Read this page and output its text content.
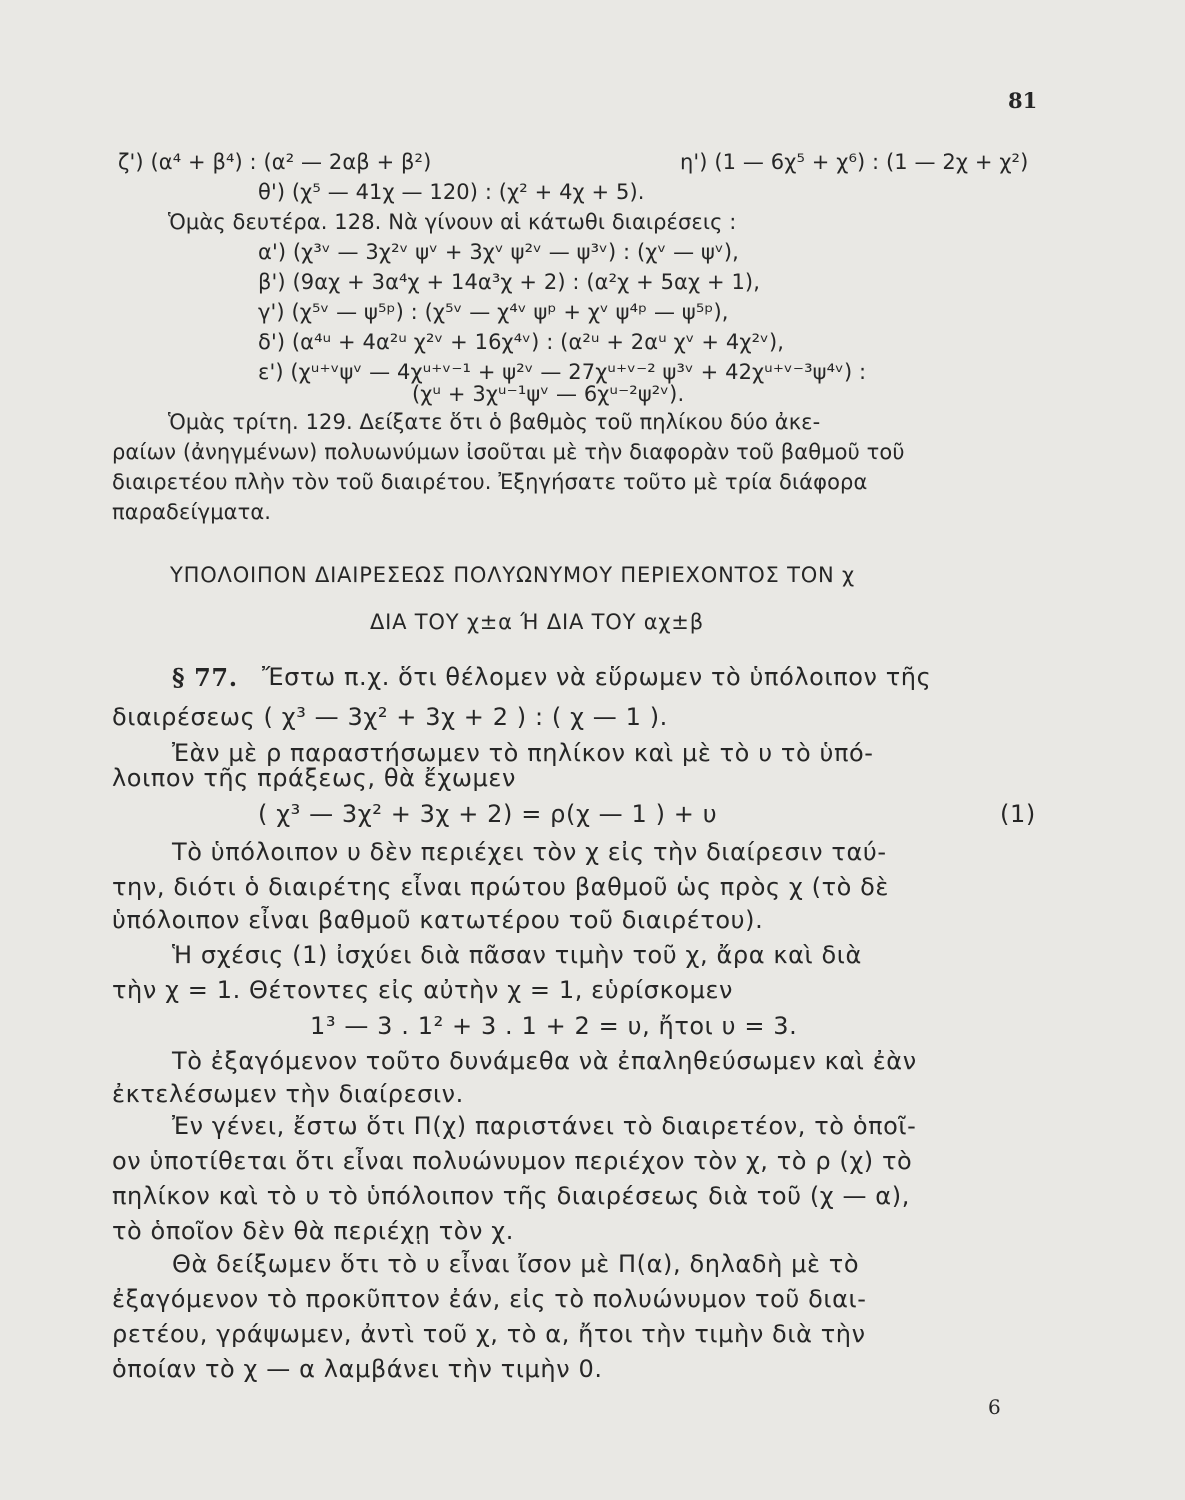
81
ζ') (α⁴ + β⁴) : (α² — 2αβ + β²)	η') (1 — 6χ⁵ + χ⁶) : (1 — 2χ + χ²)
θ') (χ⁵ — 41χ — 120) : (χ² + 4χ + 5).
Ὁμὰς δευτέρα. 128. Νὰ γίνουν αἱ κάτωθι διαιρέσεις :
α') (χ³ᵛ — 3χ²ᵛ ψᵛ + 3χᵛ ψ²ᵛ — ψ³ᵛ) : (χᵛ — ψᵛ),
β') (9αχ + 3α⁴χ + 14α³χ + 2) : (α²χ + 5αχ + 1),
γ') (χ⁵ᵛ — ψ⁵ᵖ) : (χ⁵ᵛ — χ⁴ᵛ ψᵖ + χᵛ ψ⁴ᵖ — ψ⁵ᵖ),
δ') (α⁴ᵘ + 4α²ᵘ χ²ᵛ + 16χ⁴ᵛ) : (α²ᵘ + 2αᵘ χᵛ + 4χ²ᵛ),
ε') (χᵘ⁺ᵛψᵛ — 4χᵘ⁺ᵛ⁻¹ + ψ²ᵛ — 27χᵘ⁺ᵛ⁻² ψ³ᵛ + 42χᵘ⁺ᵛ⁻³ψ⁴ᵛ) :
(χᵘ + 3χᵘ⁻¹ψᵛ — 6χᵘ⁻²ψ²ᵛ).
Ὁμὰς τρίτη. 129. Δείξατε ὅτι ὁ βαθμὸς τοῦ πηλίκου δύο ἀκε-
ραίων (ἀνηγμένων) πολυωνύμων ἰσοῦται μὲ τὴν διαφορὰν τοῦ βαθμοῦ τοῦ
διαιρετέου πλὴν τὸν τοῦ διαιρέτου. Ἐξηγήσατε τοῦτο μὲ τρία διάφορα
παραδείγματα.
ΥΠΟΛΟΙΠΟΝ ΔΙΑΙΡΕΣΕΩΣ ΠΟΛΥΩΝΥΜΟΥ ΠΕΡΙΕΧΟΝΤΟΣ ΤΟΝ χ
ΔΙΑ ΤΟΥ χ±α Ή ΔΙΑ ΤΟΥ αχ±β
§ 77. Ἔστω π.χ. ὅτι θέλομεν νὰ εὕρωμεν τὸ ὑπόλοιπον τῆς
διαιρέσεως ( χ³ — 3χ² + 3χ + 2 ) : ( χ — 1 ).
Ἐὰν μὲ ρ παραστήσωμεν τὸ πηλίκον καὶ μὲ τὸ υ τὸ ὑπό-
λοιπον τῆς πράξεως, θὰ ἔχωμεν
( χ³ — 3χ² + 3χ + 2) = ρ(χ — 1 ) + υ	(1)
Τὸ ὑπόλοιπον υ δὲν περιέχει τὸν χ εἰς τὴν διαίρεσιν ταύ-
την, διότι ὁ διαιρέτης εἶναι πρώτου βαθμοῦ ὡς πρὸς χ (τὸ δὲ
ὑπόλοιπον εἶναι βαθμοῦ κατωτέρου τοῦ διαιρέτου).
Ἡ σχέσις (1) ἰσχύει διὰ πᾶσαν τιμὴν τοῦ χ, ἄρα καὶ διὰ
τὴν χ = 1. Θέτοντες εἰς αὐτὴν χ = 1, εὑρίσκομεν
1³ — 3 . 1² + 3 . 1 + 2 = υ, ἤτοι υ = 3.
Τὸ ἐξαγόμενον τοῦτο δυνάμεθα νὰ ἐπαληθεύσωμεν καὶ ἐὰν
ἐκτελέσωμεν τὴν διαίρεσιν.
Ἐν γένει, ἔστω ὅτι Π(χ) παριστάνει τὸ διαιρετέον, τὸ ὁποῖ-
ον ὑποτίθεται ὅτι εἶναι πολυώνυμον περιέχον τὸν χ, τὸ ρ (χ) τὸ
πηλίκον καὶ τὸ υ τὸ ὑπόλοιπον τῆς διαιρέσεως διὰ τοῦ (χ — α),
τὸ ὁποῖον δὲν θὰ περιέχῃ τὸν χ.
Θὰ δείξωμεν ὅτι τὸ υ εἶναι ἴσον μὲ Π(α), δηλαδὴ μὲ τὸ
ἐξαγόμενον τὸ προκῦπτον ἐάν, εἰς τὸ πολυώνυμον τοῦ διαι-
ρετέου, γράψωμεν, ἀντὶ τοῦ χ, τὸ α, ἤτοι τὴν τιμὴν διὰ τὴν
ὁποίαν τὸ χ — α λαμβάνει τὴν τιμὴν 0.
6
